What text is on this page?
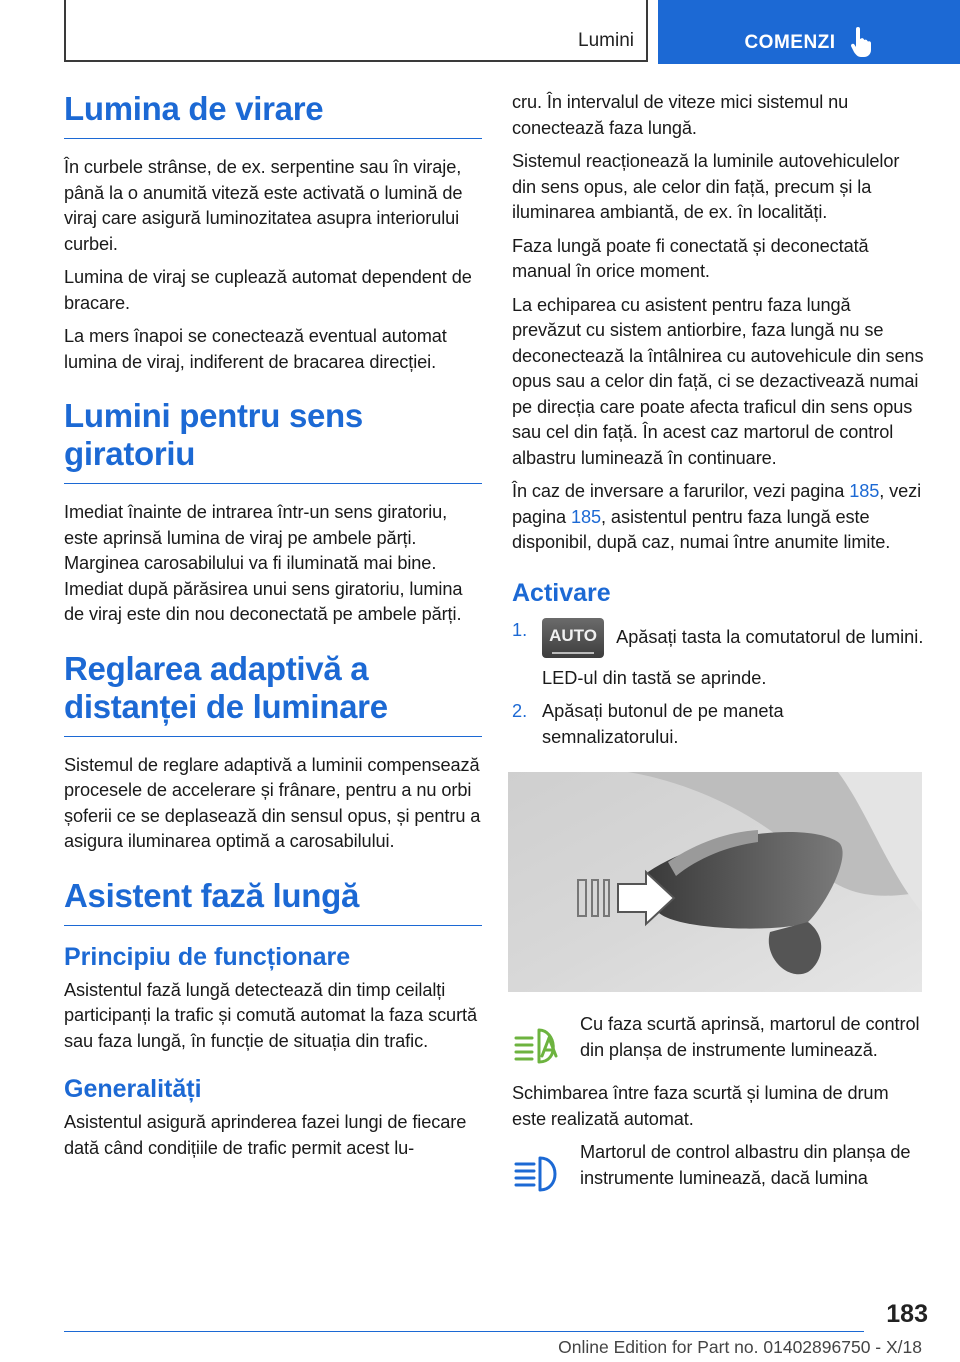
Lumini	COMENZI
Lumina de virare

În curbele strânse, de ex. serpentine sau în viraje, până la o anumită viteză este activată o lumină de viraj care asigură luminozitatea asupra interiorului curbei.

Lumina de viraj se cuplează automat dependent de bracare.

La mers înapoi se conectează eventual automat lumina de viraj, indiferent de bracarea direcției.

Lumini pentru sens giratoriu

Imediat înainte de intrarea într-un sens giratoriu, este aprinsă lumina de viraj pe ambele părți. Marginea carosabilului va fi iluminată mai bine. Imediat după părăsirea unui sens giratoriu, lumina de viraj este din nou deconectată pe ambele părți.

Reglarea adaptivă a distanței de luminare

Sistemul de reglare adaptivă a luminii compensează procesele de accelerare și frânare, pentru a nu orbi șoferii ce se deplasează din sensul opus, și pentru a asigura iluminarea optimă a carosabilului.

Asistent fază lungă
Principiu de funcționare

Asistentul fază lungă detectează din timp ceilalți participanți la trafic și comută automat la faza scurtă sau faza lungă, în funcție de situația din trafic.

Generalități

Asistentul asigură aprinderea fazei lungi de fiecare dată când condițiile de trafic permit acest lu-

cru. În intervalul de viteze mici sistemul nu conectează faza lungă.

Sistemul reacționează la luminile autovehiculelor din sens opus, ale celor din față, precum și la iluminarea ambiantă, de ex. în localități.

Faza lungă poate fi conectată și deconectată manual în orice moment.

La echiparea cu asistent pentru faza lungă prevăzut cu sistem antiorbire, faza lungă nu se deconectează la întâlnirea cu autovehicule din sens opus sau a celor din față, ci se dezactivează numai pe direcția care poate afecta traficul din sens opus sau cel din față. În acest caz martorul de control albastru luminează în continuare.

În caz de inversare a farurilor, vezi pagina 185, vezi pagina 185, asistentul pentru faza lungă este disponibil, după caz, numai între anumite limite.

Activare
1.	AUTO Apăsați tasta la comutatorul de lumini.
LED-ul din tastă se aprinde.
2. Apăsați butonul de pe maneta semnalizatorului.

Cu faza scurtă aprinsă, martorul de control din planșa de instrumente luminează.

Schimbarea între faza scurtă și lumina de drum este realizată automat.

Martorul de control albastru din planșa de instrumente luminează, dacă lumina

183
Online Edition for Part no. 01402896750 - X/18
